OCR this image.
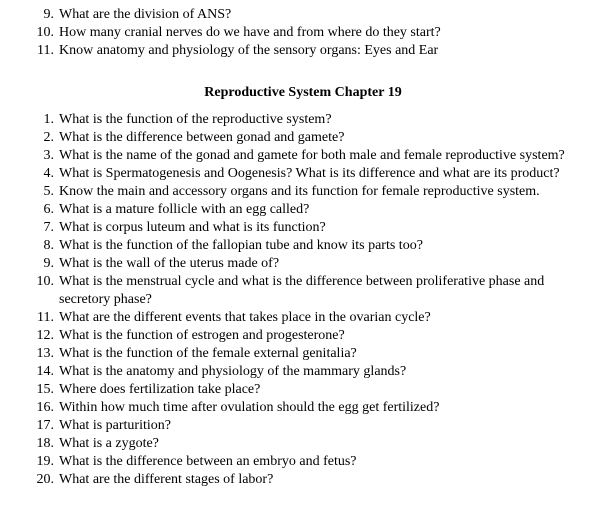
9. What are the division of ANS?
10. How many cranial nerves do we have and from where do they start?
11. Know anatomy and physiology of the sensory organs: Eyes and Ear
Reproductive System Chapter 19
1. What is the function of the reproductive system?
2. What is the difference between gonad and gamete?
3. What is the name of the gonad and gamete for both male and female reproductive system?
4. What is Spermatogenesis and Oogenesis? What is its difference and what are its product?
5. Know the main and accessory organs and its function for female reproductive system.
6. What is a mature follicle with an egg called?
7. What is corpus luteum and what is its function?
8. What is the function of the fallopian tube and know its parts too?
9. What is the wall of the uterus made of?
10. What is the menstrual cycle and what is the difference between proliferative phase and secretory phase?
11. What are the different events that takes place in the ovarian cycle?
12. What is the function of estrogen and progesterone?
13. What is the function of the female external genitalia?
14. What is the anatomy and physiology of the mammary glands?
15. Where does fertilization take place?
16. Within how much time after ovulation should the egg get fertilized?
17. What is parturition?
18. What is a zygote?
19. What is the difference between an embryo and fetus?
20. What are the different stages of labor?
